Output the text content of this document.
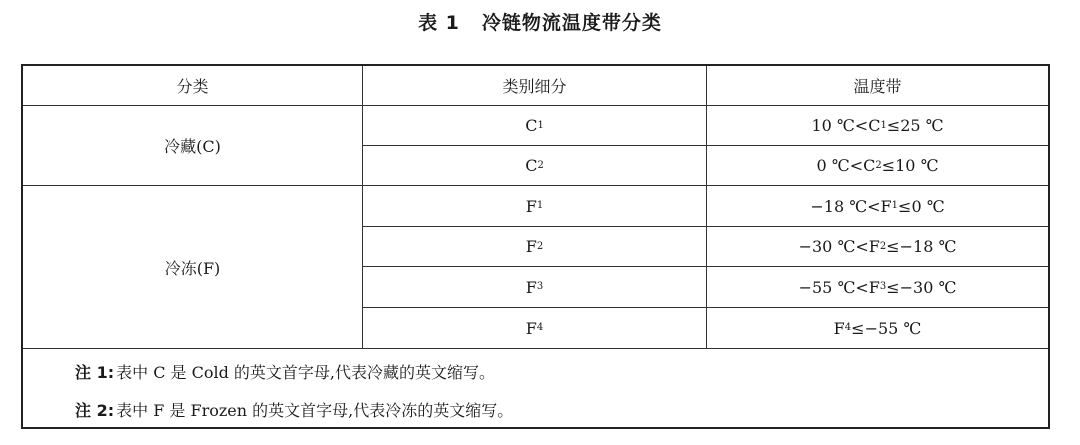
表 1 冷链物流温度带分类
分类	类别细分	温度带
冷藏(C)
C 1	10 ℃<C 1 ≤25 ℃
C 2	0 ℃<C 2 ≤10 ℃
冷冻(F)
F 1	−18 ℃<F 1 ≤0 ℃
F 2	−30 ℃<F 2 ≤−18 ℃
F 3	−55 ℃<F 3 ≤−30 ℃
F 4	F 4 ≤−55 ℃
注 1: 表中 C 是 Cold 的英文首字母,代表冷藏的英文缩写。
注 2: 表中 F 是 Frozen 的英文首字母,代表冷冻的英文缩写。
